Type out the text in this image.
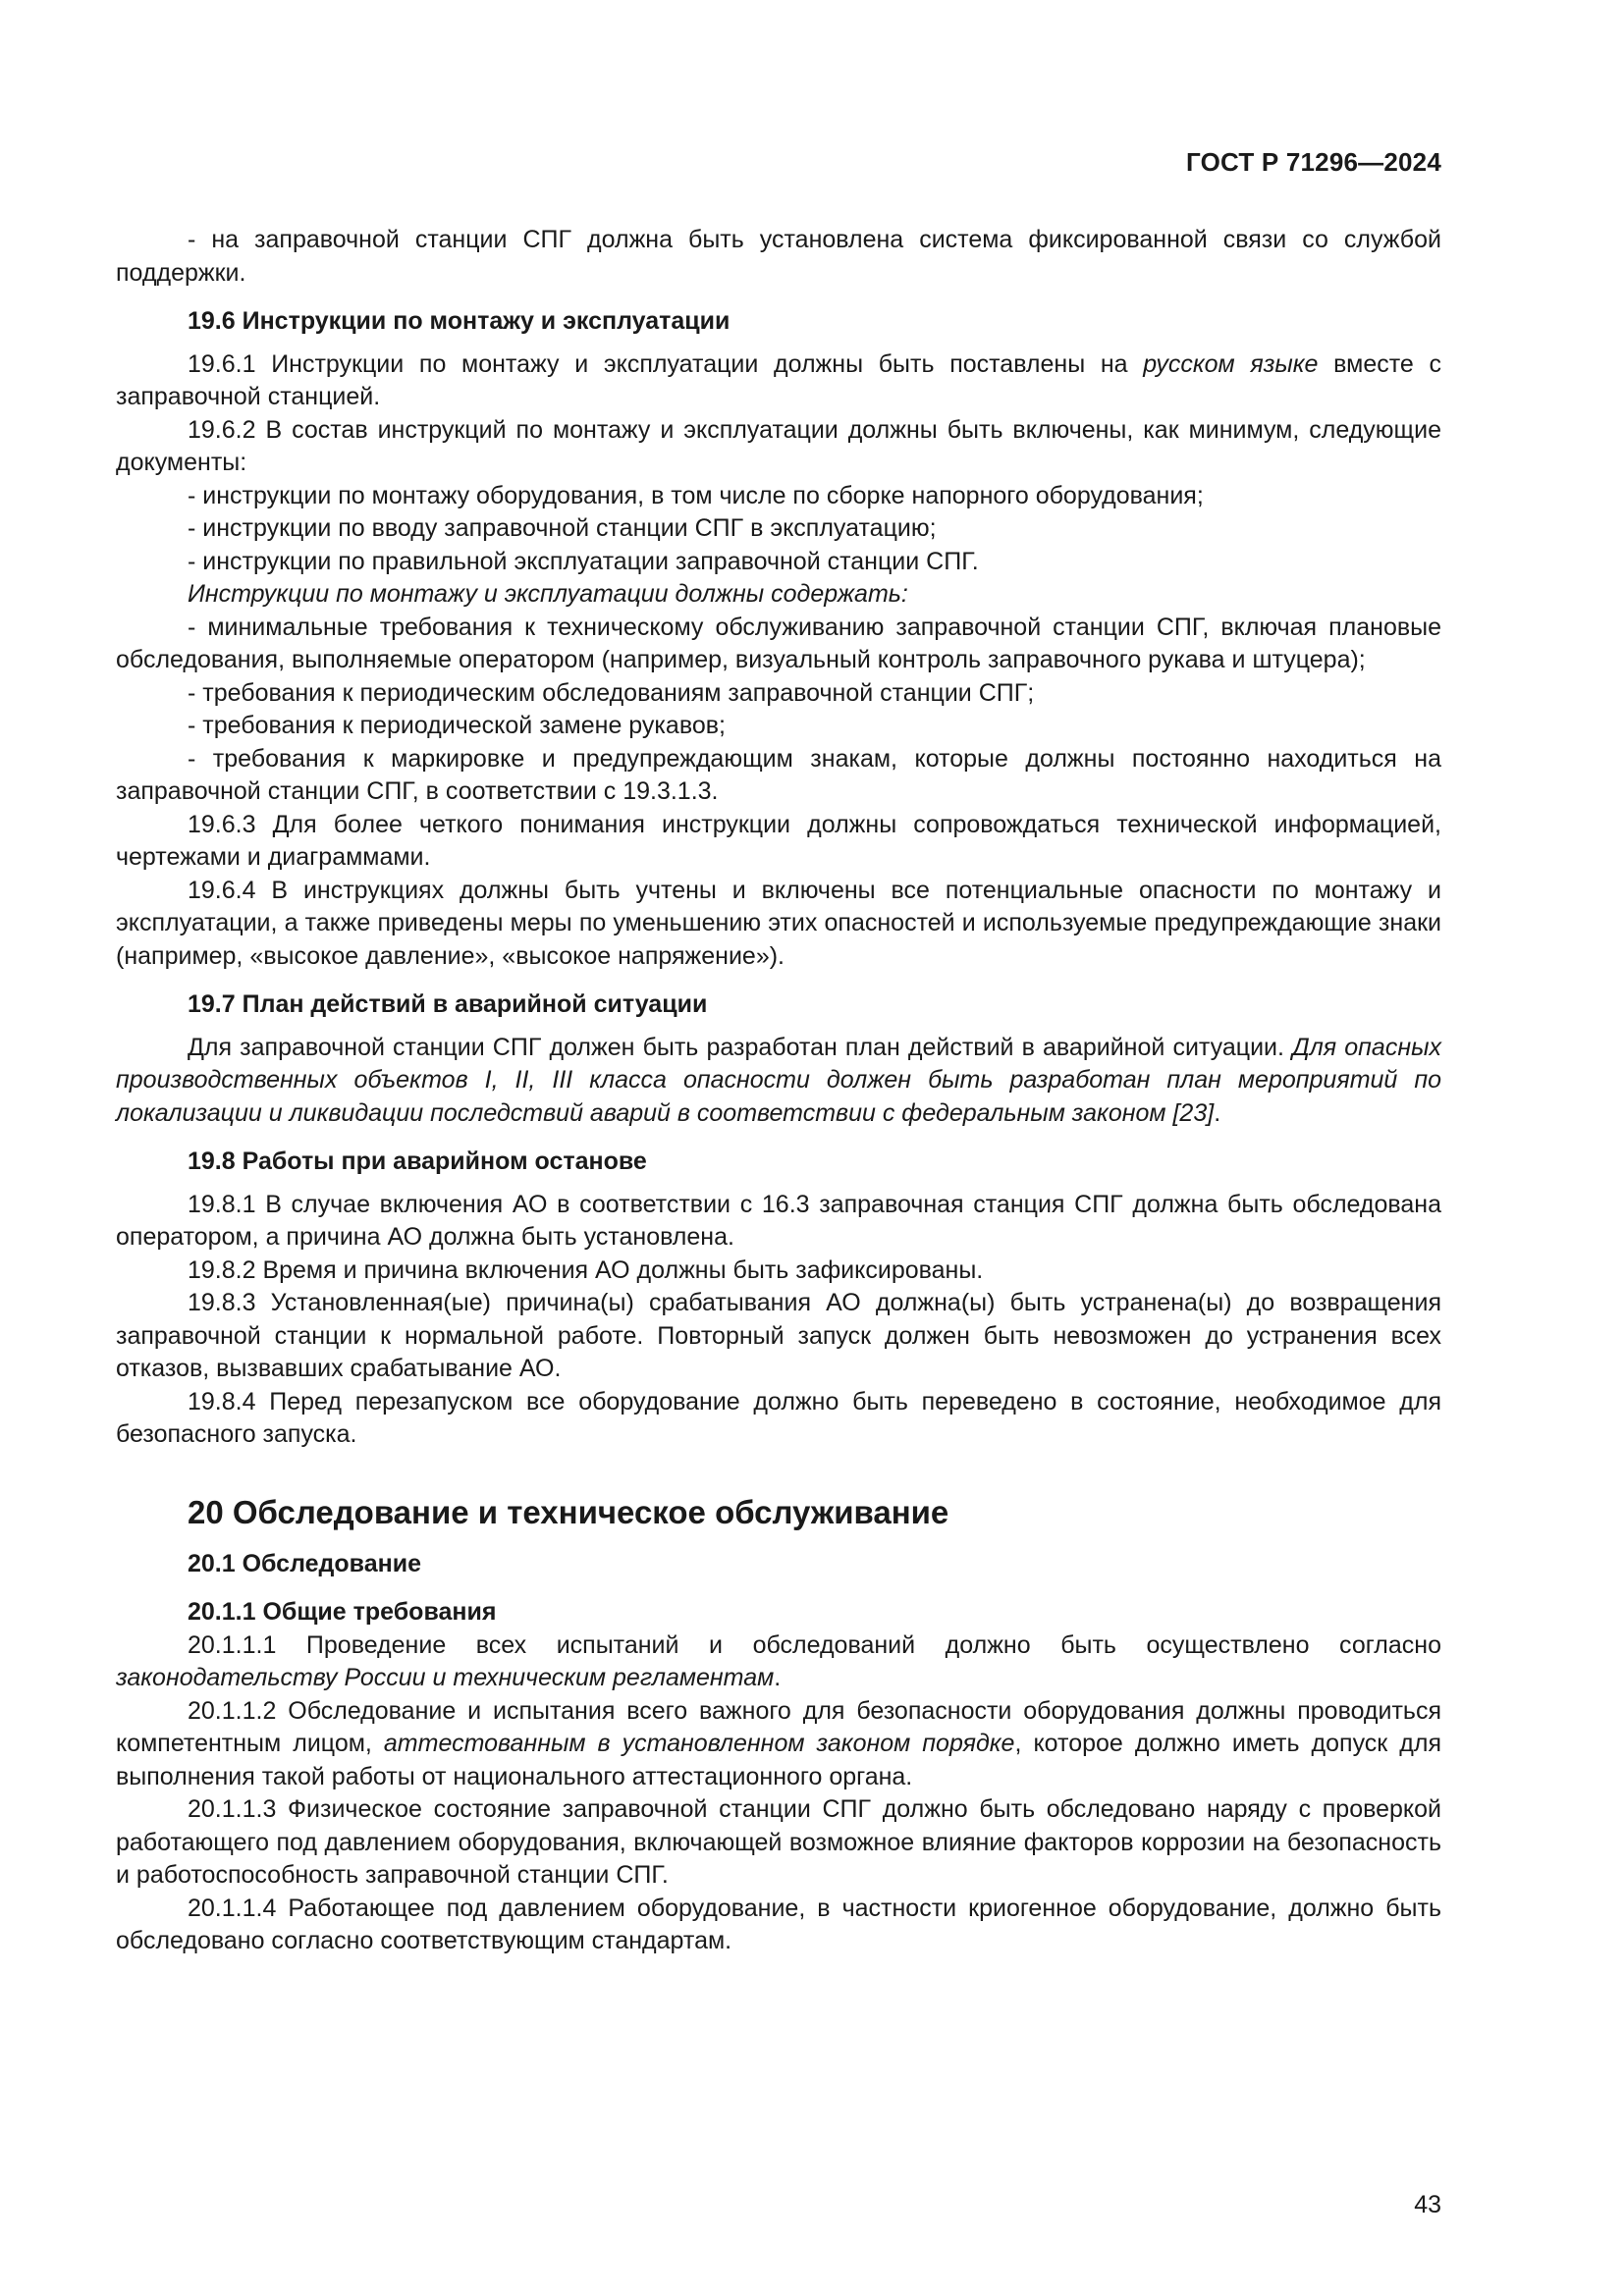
ГОСТ Р 71296—2024

- на заправочной станции СПГ должна быть установлена система фиксированной связи со службой поддержки.

19.6 Инструкции по монтажу и эксплуатации

19.6.1 Инструкции по монтажу и эксплуатации должны быть поставлены на русском языке вместе с заправочной станцией.

19.6.2 В состав инструкций по монтажу и эксплуатации должны быть включены, как минимум, следующие документы:

- инструкции по монтажу оборудования, в том числе по сборке напорного оборудования;

- инструкции по вводу заправочной станции СПГ в эксплуатацию;

- инструкции по правильной эксплуатации заправочной станции СПГ.

Инструкции по монтажу и эксплуатации должны содержать:

- минимальные требования к техническому обслуживанию заправочной станции СПГ, включая плановые обследования, выполняемые оператором (например, визуальный контроль заправочного рукава и штуцера);

- требования к периодическим обследованиям заправочной станции СПГ;

- требования к периодической замене рукавов;

- требования к маркировке и предупреждающим знакам, которые должны постоянно находиться на заправочной станции СПГ, в соответствии с 19.3.1.3.

19.6.3 Для более четкого понимания инструкции должны сопровождаться технической информацией, чертежами и диаграммами.

19.6.4 В инструкциях должны быть учтены и включены все потенциальные опасности по монтажу и эксплуатации, а также приведены меры по уменьшению этих опасностей и используемые предупреждающие знаки (например, «высокое давление», «высокое напряжение»).

19.7 План действий в аварийной ситуации

Для заправочной станции СПГ должен быть разработан план действий в аварийной ситуации. Для опасных производственных объектов I, II, III класса опасности должен быть разработан план мероприятий по локализации и ликвидации последствий аварий в соответствии с федеральным законом [23].

19.8 Работы при аварийном останове

19.8.1 В случае включения АО в соответствии с 16.3 заправочная станция СПГ должна быть обследована оператором, а причина АО должна быть установлена.

19.8.2 Время и причина включения АО должны быть зафиксированы.

19.8.3 Установленная(ые) причина(ы) срабатывания АО должна(ы) быть устранена(ы) до возвращения заправочной станции к нормальной работе. Повторный запуск должен быть невозможен до устранения всех отказов, вызвавших срабатывание АО.

19.8.4 Перед перезапуском все оборудование должно быть переведено в состояние, необходимое для безопасного запуска.

20 Обследование и техническое обслуживание
20.1 Обследование
20.1.1 Общие требования

20.1.1.1 Проведение всех испытаний и обследований должно быть осуществлено согласно законодательству России и техническим регламентам.

20.1.1.2 Обследование и испытания всего важного для безопасности оборудования должны проводиться компетентным лицом, аттестованным в установленном законом порядке, которое должно иметь допуск для выполнения такой работы от национального аттестационного органа.

20.1.1.3 Физическое состояние заправочной станции СПГ должно быть обследовано наряду с проверкой работающего под давлением оборудования, включающей возможное влияние факторов коррозии на безопасность и работоспособность заправочной станции СПГ.

20.1.1.4 Работающее под давлением оборудование, в частности криогенное оборудование, должно быть обследовано согласно соответствующим стандартам.

43
